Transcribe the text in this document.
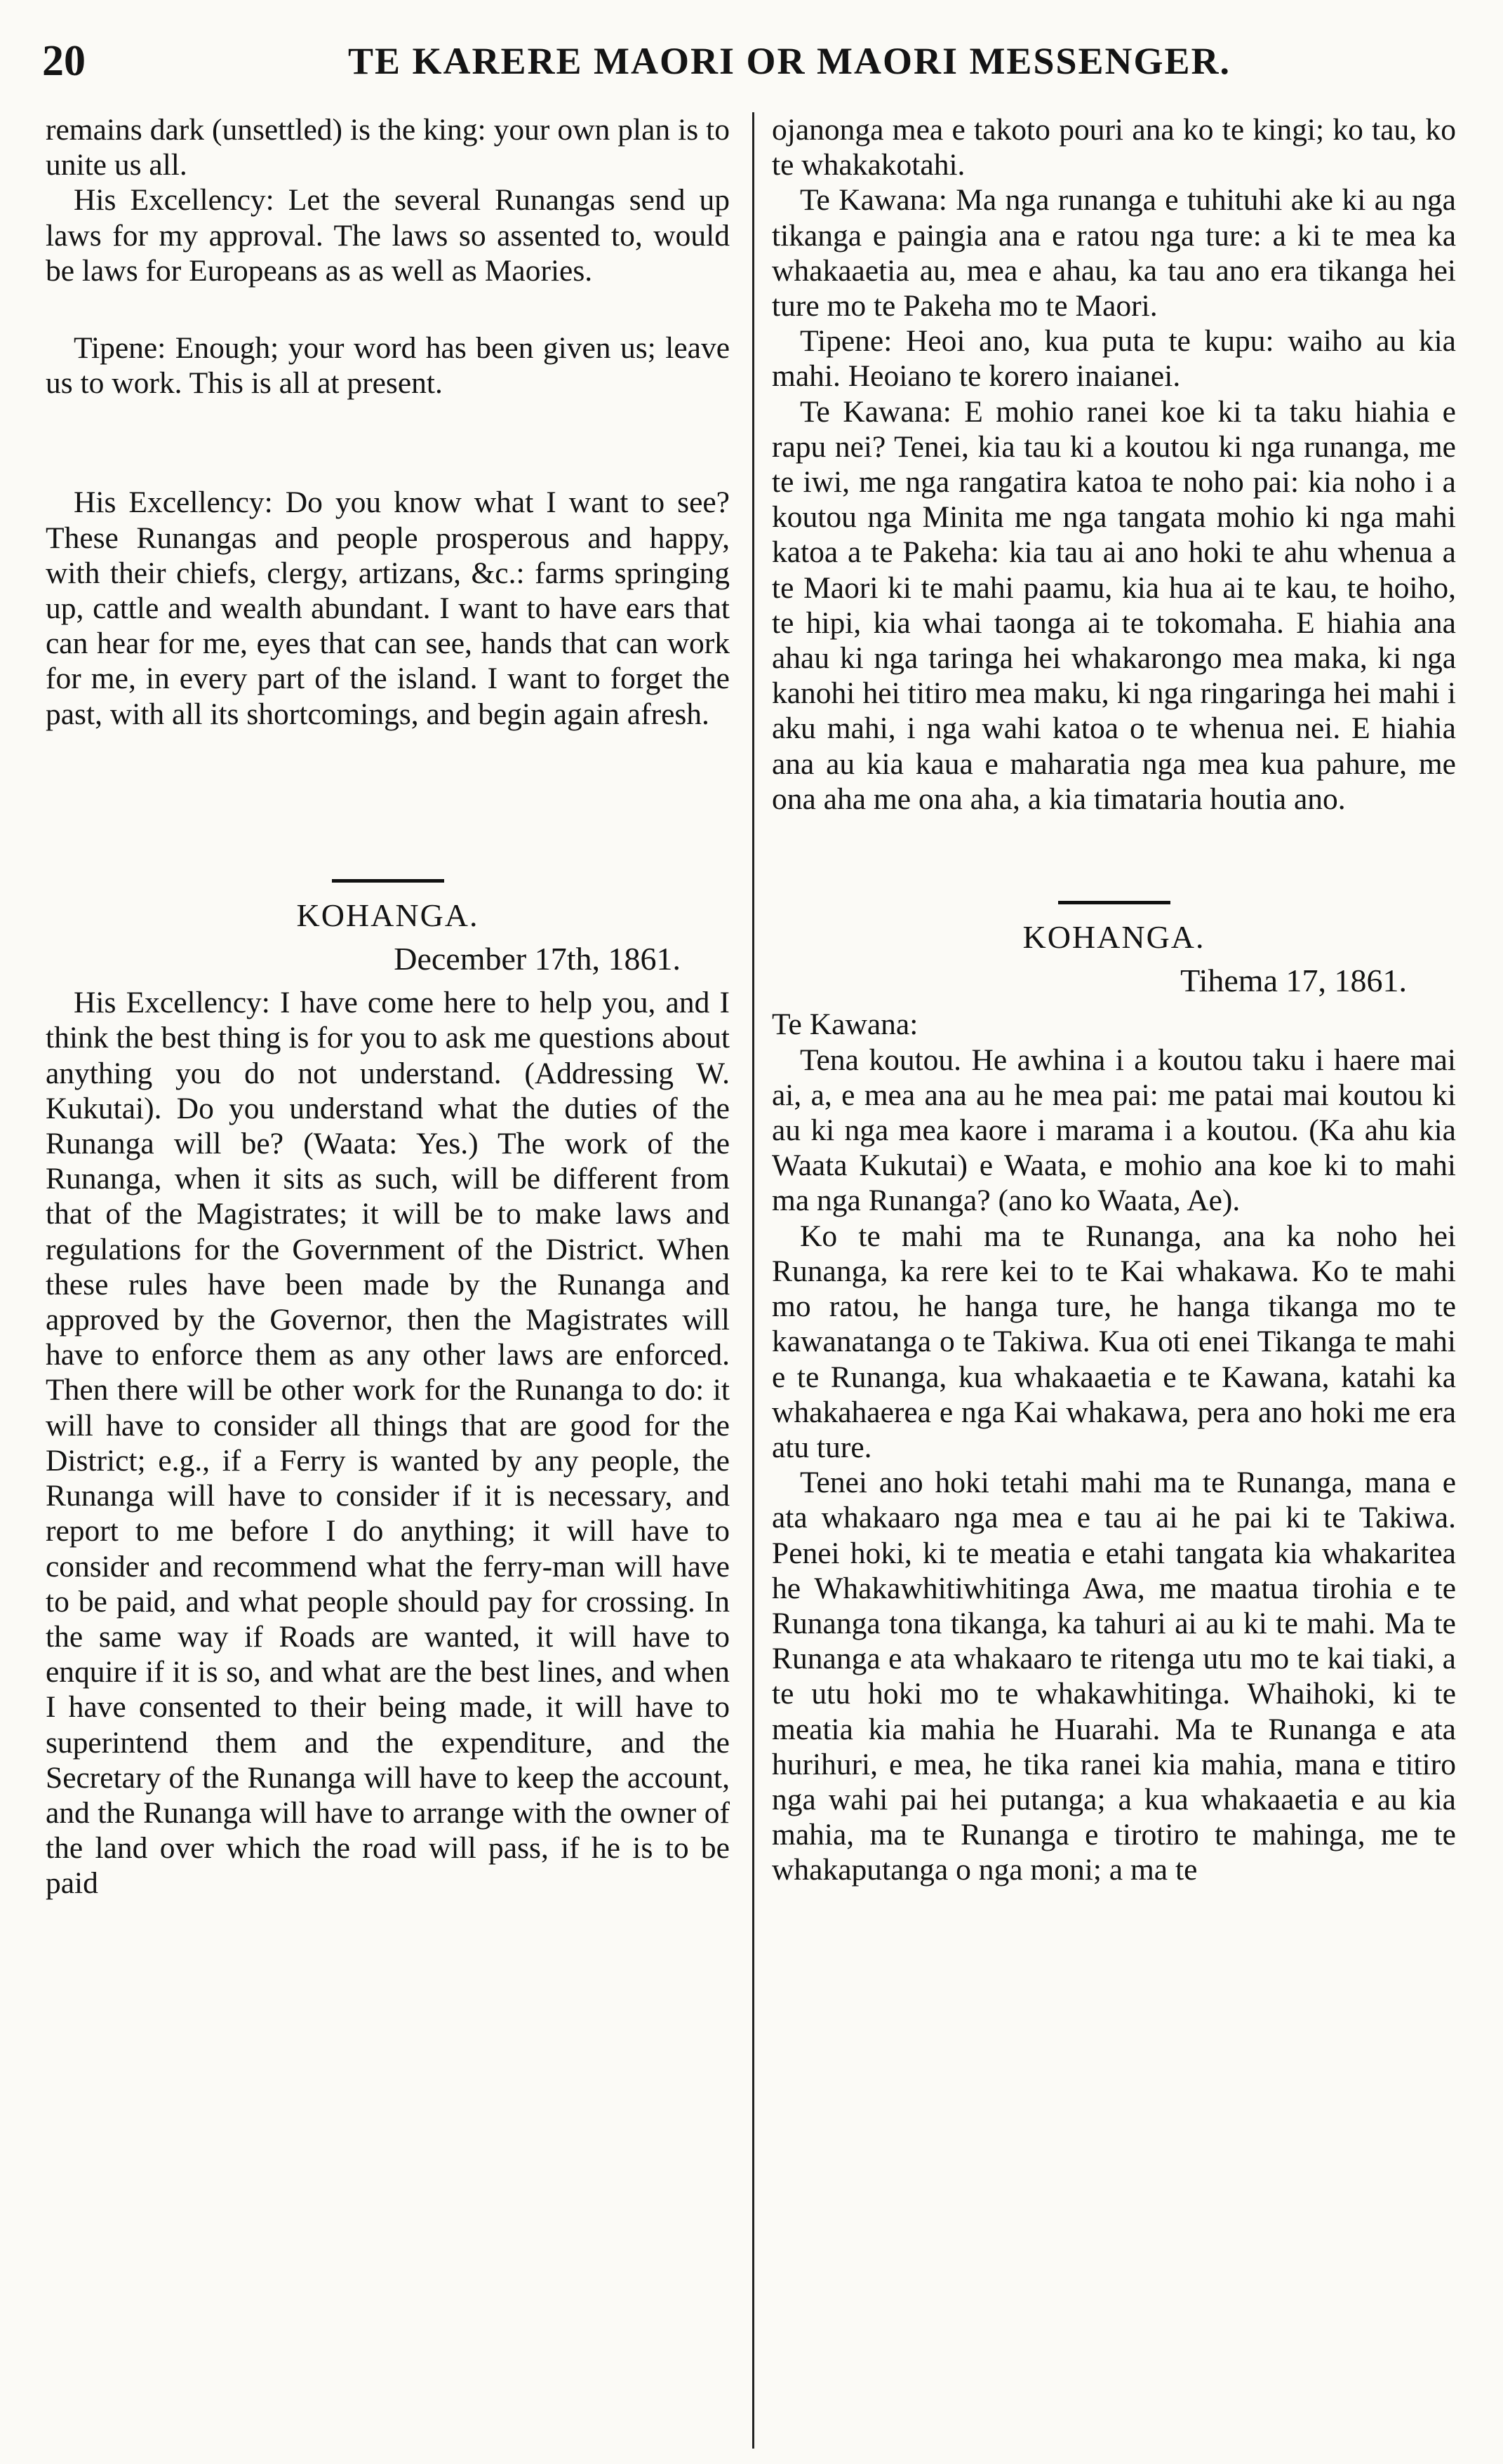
20	TE KARERE MAORI OR MAORI MESSENGER.

remains dark (unsettled) is the king: your own plan is to unite us all.

His Excellency: Let the several Runangas send up laws for my approval. The laws so assented to, would be laws for Europeans as as well as Maories.

Tipene: Enough; your word has been given us; leave us to work. This is all at present.

His Excellency: Do you know what I want to see? These Runangas and people prosperous and happy, with their chiefs, clergy, artizans, &c.: farms springing up, cattle and wealth abundant. I want to have ears that can hear for me, eyes that can see, hands that can work for me, in every part of the island. I want to forget the past, with all its shortcomings, and begin again afresh.

KOHANGA.
December 17th, 1861.

His Excellency: I have come here to help you, and I think the best thing is for you to ask me questions about anything you do not understand. (Addressing W. Kukutai). Do you understand what the duties of the Runanga will be? (Waata: Yes.) The work of the Runanga, when it sits as such, will be different from that of the Magistrates; it will be to make laws and regulations for the Government of the District. When these rules have been made by the Runanga and approved by the Governor, then the Magistrates will have to enforce them as any other laws are enforced. Then there will be other work for the Runanga to do: it will have to consider all things that are good for the District; e.g., if a Ferry is wanted by any people, the Runanga will have to consider if it is necessary, and report to me before I do anything; it will have to consider and recommend what the ferry-man will have to be paid, and what people should pay for crossing. In the same way if Roads are wanted, it will have to enquire if it is so, and what are the best lines, and when I have consented to their being made, it will have to superintend them and the expenditure, and the Secretary of the Runanga will have to keep the account, and the Runanga will have to arrange with the owner of the land over which the road will pass, if he is to be paid

ojanonga mea e takoto pouri ana ko te kingi; ko tau, ko te whakakotahi.

Te Kawana: Ma nga runanga e tuhituhi ake ki au nga tikanga e paingia ana e ratou nga ture: a ki te mea ka whakaaetia au, mea e ahau, ka tau ano era tikanga hei ture mo te Pakeha mo te Maori.

Tipene: Heoi ano, kua puta te kupu: waiho au kia mahi. Heoiano te korero inaianei.

Te Kawana: E mohio ranei koe ki ta taku hiahia e rapu nei? Tenei, kia tau ki a koutou ki nga runanga, me te iwi, me nga rangatira katoa te noho pai: kia noho i a koutou nga Minita me nga tangata mohio ki nga mahi katoa a te Pakeha: kia tau ai ano hoki te ahu whenua a te Maori ki te mahi paamu, kia hua ai te kau, te hoiho, te hipi, kia whai taonga ai te tokomaha. E hiahia ana ahau ki nga taringa hei whakarongo mea maka, ki nga kanohi hei titiro mea maku, ki nga ringaringa hei mahi i aku mahi, i nga wahi katoa o te whenua nei. E hiahia ana au kia kaua e maharatia nga mea kua pahure, me ona aha me ona aha, a kia timataria houtia ano.

KOHANGA.
Tihema 17, 1861.

Te Kawana:

Tena koutou. He awhina i a koutou taku i haere mai ai, a, e mea ana au he mea pai: me patai mai koutou ki au ki nga mea kaore i marama i a koutou. (Ka ahu kia Waata Kukutai) e Waata, e mohio ana koe ki to mahi ma nga Runanga? (ano ko Waata, Ae).

Ko te mahi ma te Runanga, ana ka noho hei Runanga, ka rere kei to te Kai whakawa. Ko te mahi mo ratou, he hanga ture, he hanga tikanga mo te kawanatanga o te Takiwa. Kua oti enei Tikanga te mahi e te Runanga, kua whakaaetia e te Kawana, katahi ka whakahaerea e nga Kai whakawa, pera ano hoki me era atu ture.

Tenei ano hoki tetahi mahi ma te Runanga, mana e ata whakaaro nga mea e tau ai he pai ki te Takiwa. Penei hoki, ki te meatia e etahi tangata kia whakaritea he Whakawhitiwhitinga Awa, me maatua tirohia e te Runanga tona tikanga, ka tahuri ai au ki te mahi. Ma te Runanga e ata whakaaro te ritenga utu mo te kai tiaki, a te utu hoki mo te whakawhitinga. Whaihoki, ki te meatia kia mahia he Huarahi. Ma te Runanga e ata hurihuri, e mea, he tika ranei kia mahia, mana e titiro nga wahi pai hei putanga; a kua whakaaetia e au kia mahia, ma te Runanga e tirotiro te mahinga, me te whakaputanga o nga moni; a ma te
